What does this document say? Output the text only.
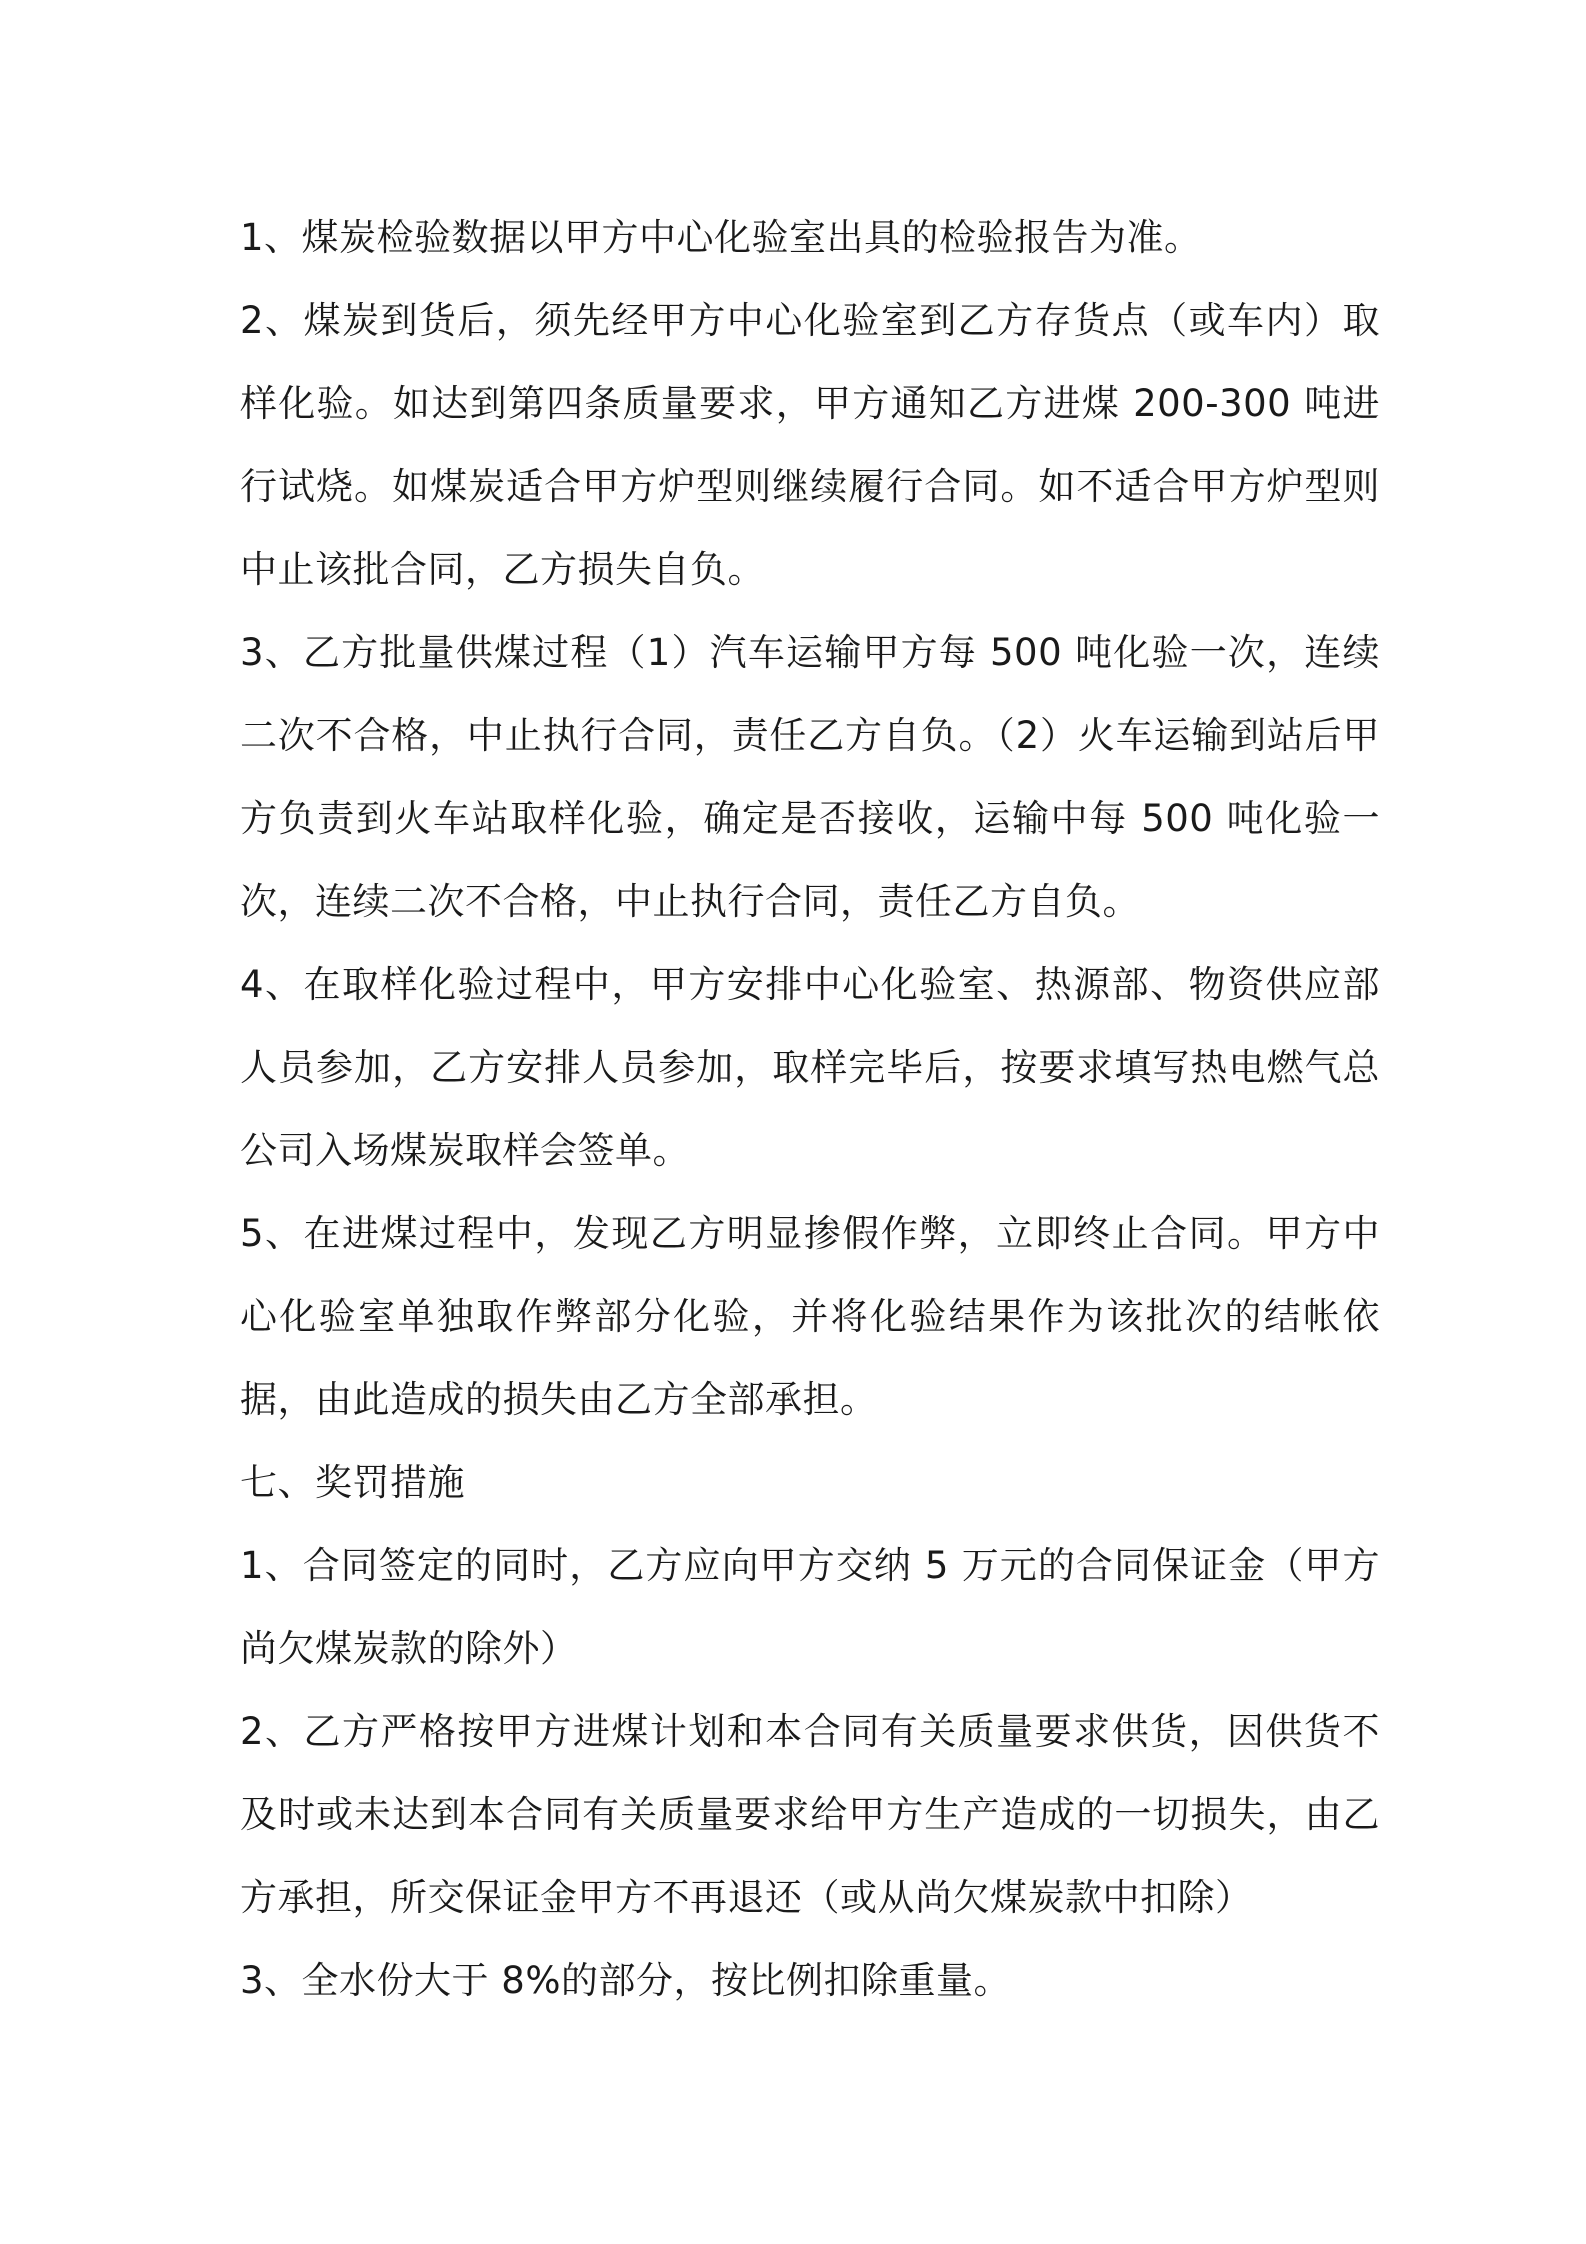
1、煤炭检验数据以甲方中心化验室出具的检验报告为准。

2、煤炭到货后，须先经甲方中心化验室到乙方存货点（或车内）取样化验。如达到第四条质量要求，甲方通知乙方进煤 200-300 吨进行试烧。如煤炭适合甲方炉型则继续履行合同。如不适合甲方炉型则中止该批合同，乙方损失自负。

3、乙方批量供煤过程（1）汽车运输甲方每 500 吨化验一次，连续二次不合格，中止执行合同，责任乙方自负。（2）火车运输到站后甲方负责到火车站取样化验，确定是否接收，运输中每 500 吨化验一次，连续二次不合格，中止执行合同，责任乙方自负。

4、在取样化验过程中，甲方安排中心化验室、热源部、物资供应部人员参加，乙方安排人员参加，取样完毕后，按要求填写热电燃气总公司入场煤炭取样会签单。

5、在进煤过程中，发现乙方明显掺假作弊，立即终止合同。甲方中心化验室单独取作弊部分化验，并将化验结果作为该批次的结帐依据，由此造成的损失由乙方全部承担。

七、奖罚措施

1、合同签定的同时，乙方应向甲方交纳 5 万元的合同保证金（甲方尚欠煤炭款的除外）

2、乙方严格按甲方进煤计划和本合同有关质量要求供货，因供货不及时或未达到本合同有关质量要求给甲方生产造成的一切损失，由乙方承担，所交保证金甲方不再退还（或从尚欠煤炭款中扣除）

3、全水份大于 8%的部分，按比例扣除重量。
